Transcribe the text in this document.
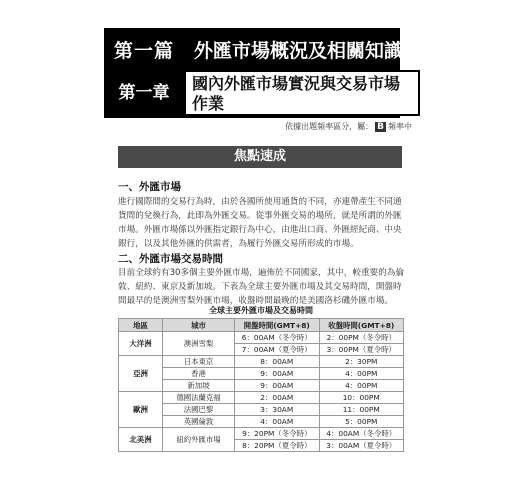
第一篇	外匯市場概況及相關知識
第一章	國內外匯市場實況與交易市場作業
依據出題頻率區分，屬： B 頻率中
焦點速成
一、外匯市場
進行國際間的交易行為時，由於各國所使用通貨的不同，亦連帶產生不同通貨間的兌換行為，此即為外匯交易。從事外匯交易的場所，就是所謂的外匯市場。外匯市場係以外匯指定銀行為中心，由進出口商、外匯經紀商、中央銀行，以及其他外匯的供需者，為履行外匯交易所形成的市場。
二、外匯市場交易時間
目前全球約有30多個主要外匯市場，遍佈於不同國家，其中，較重要的為倫敦、紐約、東京及新加坡。下表為全球主要外匯市場及其交易時間，開盤時間最早的是澳洲雪梨外匯市場，收盤時間最晚的是美國洛杉磯外匯市場。
全球主要外匯市場及交易時間
地區	城市	開盤時間(GMT+8)	收盤時間(GMT+8)
大洋洲	澳洲雪梨	6：00AM（冬令時）	2：00PM（冬令時）
		7：00AM（夏令時）	3：00PM（夏令時）
亞洲	日本東京	8：00AM	2：30PM
	香港	9：00AM	4：00PM
	新加坡	9：00AM	4：00PM
歐洲	德國法蘭克福	2：00AM	10：00PM
	法國巴黎	3：30AM	11：00PM
	英國倫敦	4：00AM	5：00PM
北美洲	紐約外匯市場	9：20PM（冬令時）	4：00AM（冬令時）
		8：20PM（夏令時）	3：00AM（夏令時）
